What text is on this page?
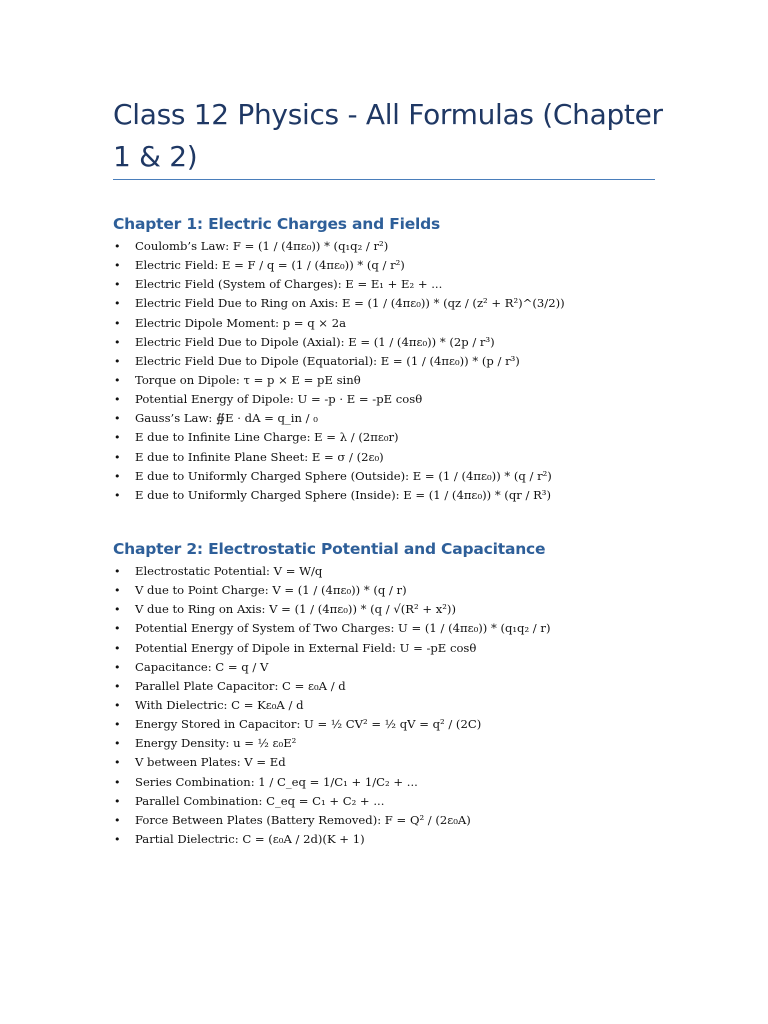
Class 12 Physics - All Formulas (Chapter 1 & 2)
Chapter 1: Electric Charges and Fields
• Coulomb’s Law: F = (1 / (4πε₀)) * (q₁q₂ / r²)
• Electric Field: E = F / q = (1 / (4πε₀)) * (q / r²)
• Electric Field (System of Charges): E = E₁ + E₂ + ...
• Electric Field Due to Ring on Axis: E = (1 / (4πε₀)) * (qz / (z² + R²)^(3/2))
• Electric Dipole Moment: p = q × 2a
• Electric Field Due to Dipole (Axial): E = (1 / (4πε₀)) * (2p / r³)
• Electric Field Due to Dipole (Equatorial): E = (1 / (4πε₀)) * (p / r³)
• Torque on Dipole: τ = p × E = pE sinθ
• Potential Energy of Dipole: U = -p · E = -pE cosθ
• Gauss’s Law: ∯E · dA = q_in / ₀
• E due to Infinite Line Charge: E = λ / (2πε₀r)
• E due to Infinite Plane Sheet: E = σ / (2ε₀)
• E due to Uniformly Charged Sphere (Outside): E = (1 / (4πε₀)) * (q / r²)
• E due to Uniformly Charged Sphere (Inside): E = (1 / (4πε₀)) * (qr / R³)
Chapter 2: Electrostatic Potential and Capacitance
• Electrostatic Potential: V = W/q
• V due to Point Charge: V = (1 / (4πε₀)) * (q / r)
• V due to Ring on Axis: V = (1 / (4πε₀)) * (q / √(R² + x²))
• Potential Energy of System of Two Charges: U = (1 / (4πε₀)) * (q₁q₂ / r)
• Potential Energy of Dipole in External Field: U = -pE cosθ
• Capacitance: C = q / V
• Parallel Plate Capacitor: C = ε₀A / d
• With Dielectric: C = Kε₀A / d
• Energy Stored in Capacitor: U = ½ CV² = ½ qV = q² / (2C)
• Energy Density: u = ½ ε₀E²
• V between Plates: V = Ed
• Series Combination: 1 / C_eq = 1/C₁ + 1/C₂ + ...
• Parallel Combination: C_eq = C₁ + C₂ + ...
• Force Between Plates (Battery Removed): F = Q² / (2ε₀A)
• Partial Dielectric: C = (ε₀A / 2d)(K + 1)
